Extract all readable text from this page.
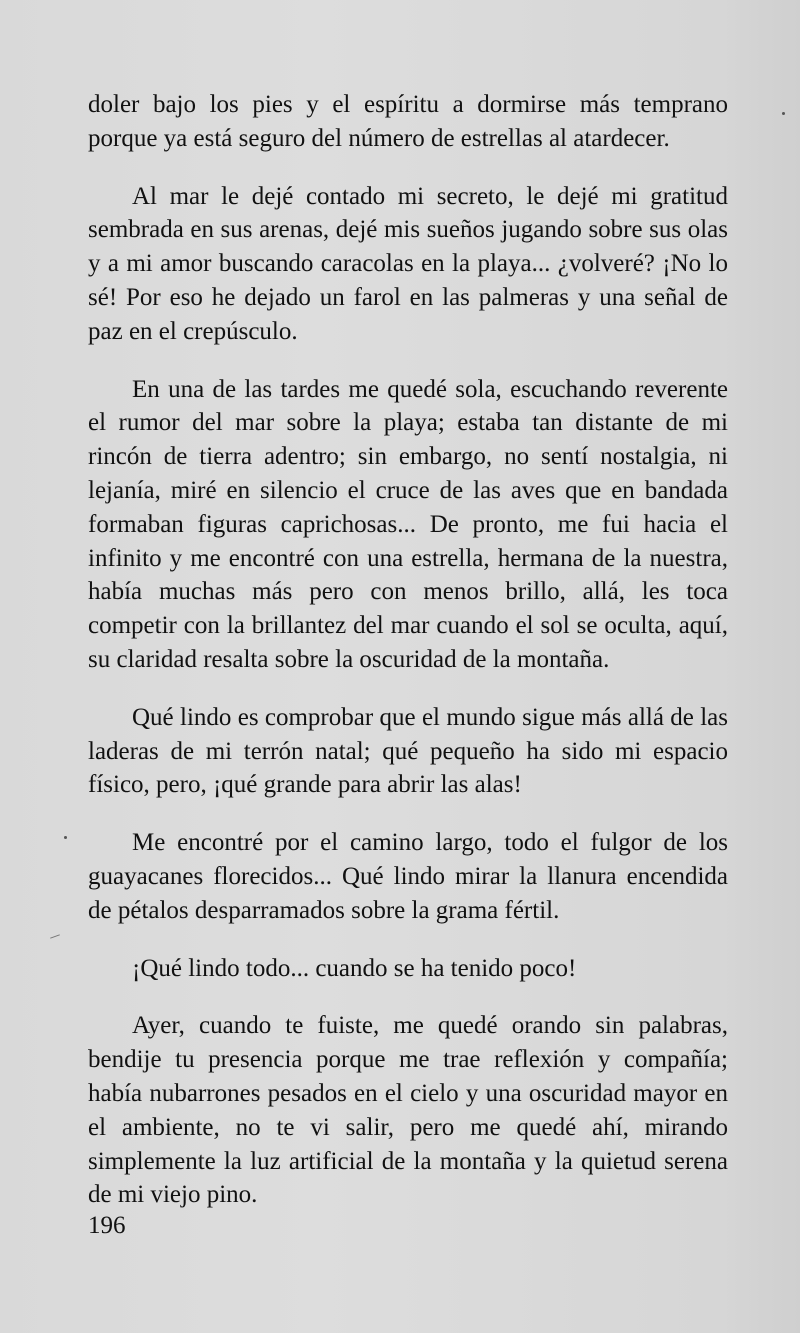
doler bajo los pies y el espíritu a dormirse más temprano porque ya está seguro del número de estrellas al atardecer.

Al mar le dejé contado mi secreto, le dejé mi gratitud sembrada en sus arenas, dejé mis sueños jugando sobre sus olas y a mi amor buscando caracolas en la playa... ¿volveré? ¡No lo sé! Por eso he dejado un farol en las palmeras y una señal de paz en el crepúsculo.

En una de las tardes me quedé sola, escuchando reverente el rumor del mar sobre la playa; estaba tan distante de mi rincón de tierra adentro; sin embargo, no sentí nostalgia, ni lejanía, miré en silencio el cruce de las aves que en bandada formaban figuras caprichosas... De pronto, me fui hacia el infinito y me encontré con una estrella, hermana de la nuestra, había muchas más pero con menos brillo, allá, les toca competir con la brillantez del mar cuando el sol se oculta, aquí, su claridad resalta sobre la oscuridad de la montaña.

Qué lindo es comprobar que el mundo sigue más allá de las laderas de mi terrón natal; qué pequeño ha sido mi espacio físico, pero, ¡qué grande para abrir las alas!

Me encontré por el camino largo, todo el fulgor de los guayacanes florecidos... Qué lindo mirar la llanura encendida de pétalos desparramados sobre la grama fértil.

¡Qué lindo todo... cuando se ha tenido poco!

Ayer, cuando te fuiste, me quedé orando sin palabras, bendije tu presencia porque me trae reflexión y compañía; había nubarrones pesados en el cielo y una oscuridad mayor en el ambiente, no te vi salir, pero me quedé ahí, mirando simplemente la luz artificial de la montaña y la quietud serena de mi viejo pino.

196
